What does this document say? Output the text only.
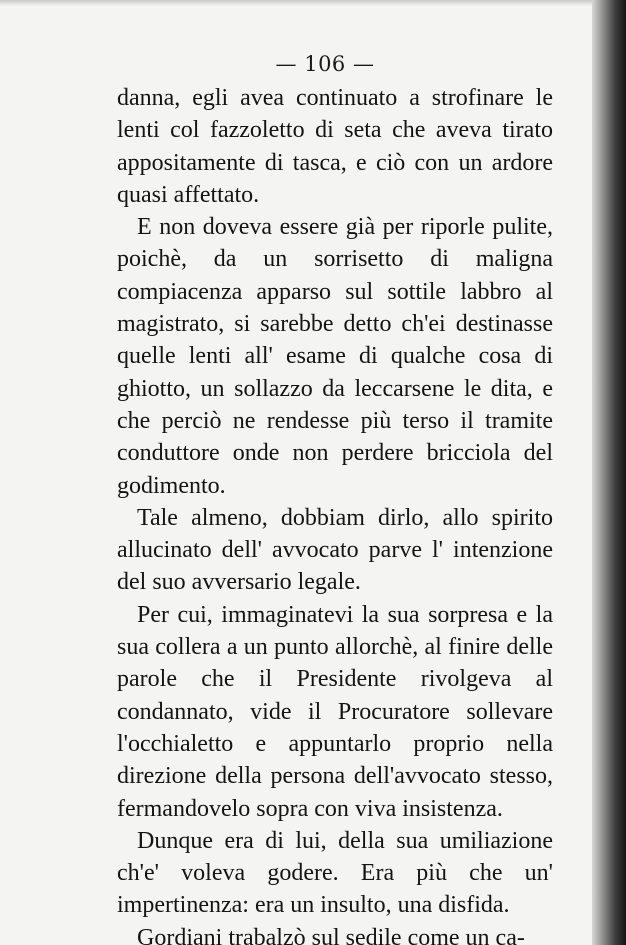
— 106 —

danna, egli avea continuato a strofinare le lenti col fazzoletto di seta che aveva tirato appositamente di tasca, e ciò con un ardore quasi affettato.

E non doveva essere già per riporle pulite, poichè, da un sorrisetto di maligna compiacenza apparso sul sottile labbro al magistrato, si sarebbe detto ch'ei destinasse quelle lenti all' esame di qualche cosa di ghiotto, un sollazzo da leccarsene le dita, e che perciò ne rendesse più terso il tramite conduttore onde non perdere bricciola del godimento.

Tale almeno, dobbiam dirlo, allo spirito allucinato dell' avvocato parve l' intenzione del suo avversario legale.

Per cui, immaginatevi la sua sorpresa e la sua collera a un punto allorchè, al finire delle parole che il Presidente rivolgeva al condannato, vide il Procuratore sollevare l'occhialetto e appuntarlo proprio nella direzione della persona dell'avvocato stesso, fermandovelo sopra con viva insistenza.

Dunque era di lui, della sua umiliazione ch'e' voleva godere. Era più che un' impertinenza: era un insulto, una disfida.

Gordiani trabalzò sul sedile come un ca-
